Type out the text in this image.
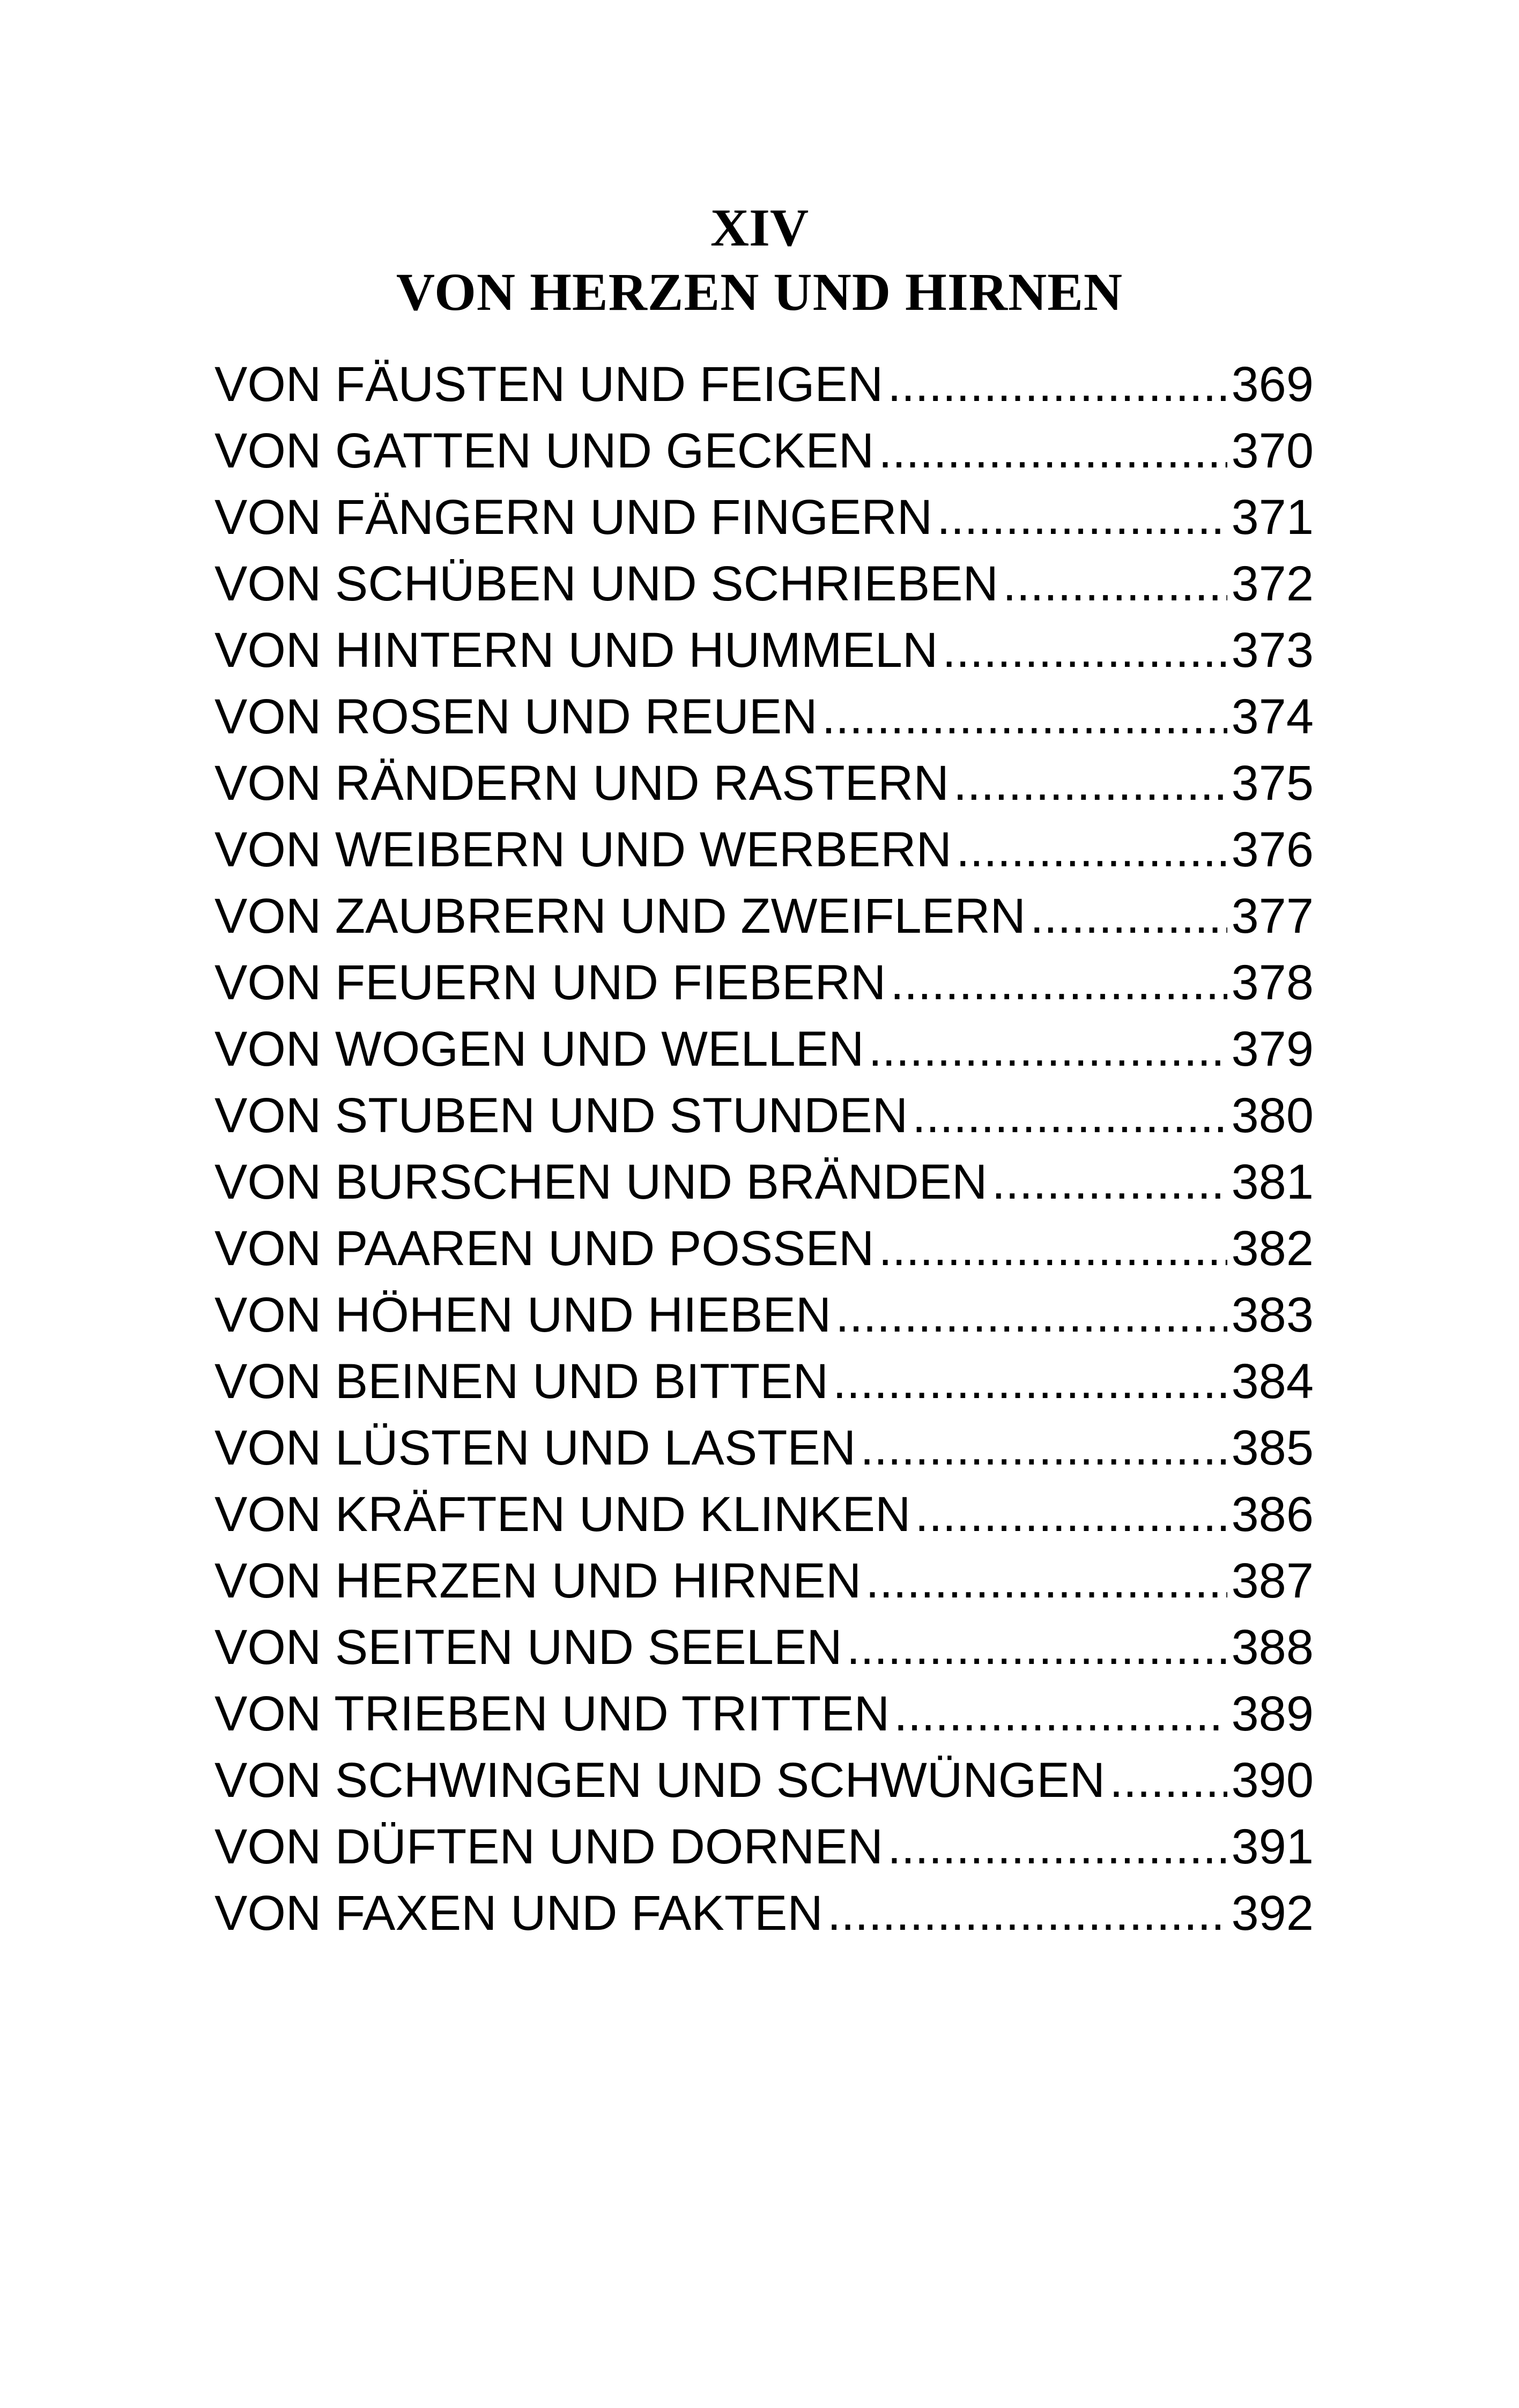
XIV
VON HERZEN UND HIRNEN
VON FÄUSTEN UND FEIGEN .....	369
VON GATTEN UND GECKEN .....	370
VON FÄNGERN UND FINGERN .....	371
VON SCHÜBEN UND SCHRIEBEN .....	372
VON HINTERN UND HUMMELN .....	373
VON ROSEN UND REUEN .....	374
VON RÄNDERN UND RASTERN .....	375
VON WEIBERN UND WERBERN .....	376
VON ZAUBRERN UND ZWEIFLERN .....	377
VON FEUERN UND FIEBERN .....	378
VON WOGEN UND WELLEN .....	379
VON STUBEN UND STUNDEN .....	380
VON BURSCHEN UND BRÄNDEN .....	381
VON PAAREN UND POSSEN .....	382
VON HÖHEN UND HIEBEN .....	383
VON BEINEN UND BITTEN .....	384
VON LÜSTEN UND LASTEN .....	385
VON KRÄFTEN UND KLINKEN .....	386
VON HERZEN UND HIRNEN .....	387
VON SEITEN UND SEELEN .....	388
VON TRIEBEN UND TRITTEN .....	389
VON SCHWINGEN UND SCHWÜNGEN .....	390
VON DÜFTEN UND DORNEN .....	391
VON FAXEN UND FAKTEN .....	392
